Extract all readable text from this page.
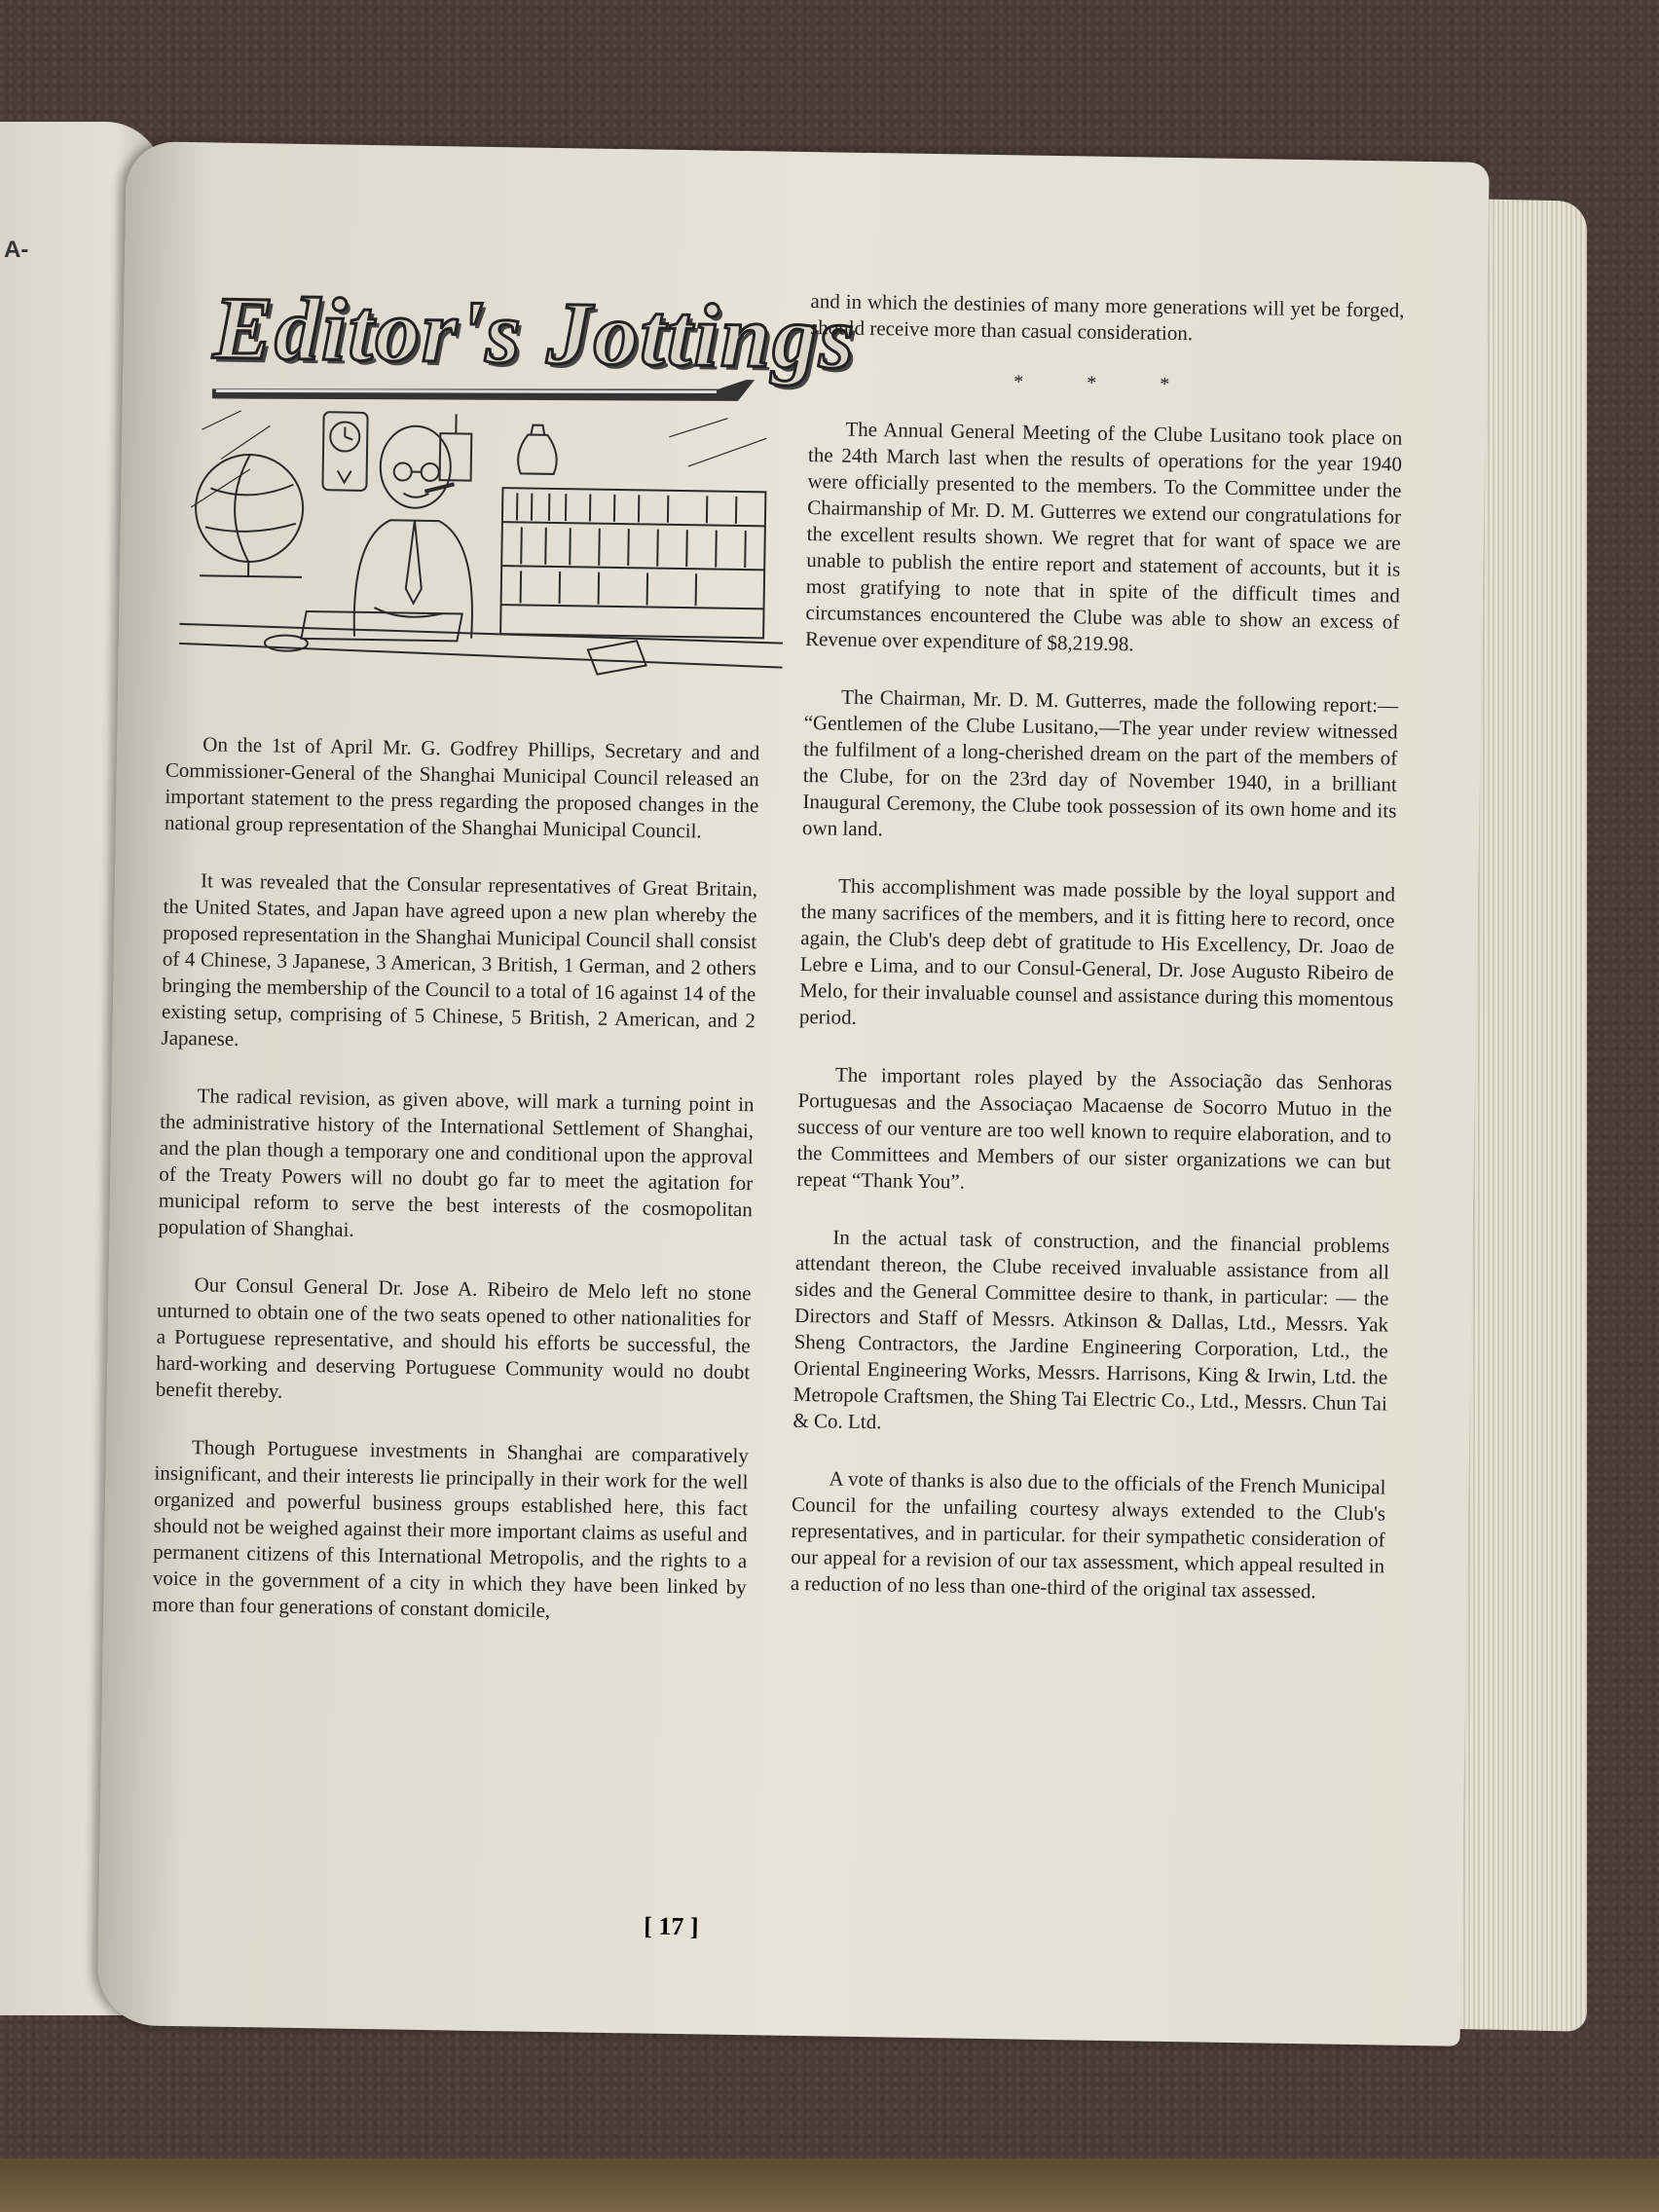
A-
Editor's Jottings

On the 1st of April Mr. G. Godfrey Phillips, Secretary and and Commissioner-General of the Shanghai Municipal Council released an important statement to the press regarding the proposed changes in the national group representation of the Shanghai Municipal Council.

It was revealed that the Consular representatives of Great Britain, the United States, and Japan have agreed upon a new plan whereby the proposed representation in the Shanghai Municipal Council shall consist of 4 Chinese, 3 Japanese, 3 American, 3 British, 1 German, and 2 others bringing the membership of the Council to a total of 16 against 14 of the existing setup, comprising of 5 Chinese, 5 British, 2 American, and 2 Japanese.

The radical revision, as given above, will mark a turning point in the administrative history of the International Settlement of Shanghai, and the plan though a temporary one and conditional upon the approval of the Treaty Powers will no doubt go far to meet the agitation for municipal reform to serve the best interests of the cosmopolitan population of Shanghai.

Our Consul General Dr. Jose A. Ribeiro de Melo left no stone unturned to obtain one of the two seats opened to other nationalities for a Portuguese representative, and should his efforts be successful, the hard-working and deserving Portuguese Community would no doubt benefit thereby.

Though Portuguese investments in Shanghai are comparatively insignificant, and their interests lie principally in their work for the well organized and powerful business groups established here, this fact should not be weighed against their more important claims as useful and permanent citizens of this International Metropolis, and the rights to a voice in the government of a city in which they have been linked by more than four generations of constant domicile,

and in which the destinies of many more generations will yet be forged, should receive more than casual consideration.

* * *

The Annual General Meeting of the Clube Lusitano took place on the 24th March last when the results of operations for the year 1940 were officially presented to the members. To the Committee under the Chairmanship of Mr. D. M. Gutterres we extend our congratulations for the excellent results shown. We regret that for want of space we are unable to publish the entire report and statement of accounts, but it is most gratifying to note that in spite of the difficult times and circumstances encountered the Clube was able to show an excess of Revenue over expenditure of $8,219.98.

The Chairman, Mr. D. M. Gutterres, made the following report:— “Gentlemen of the Clube Lusitano,—The year under review witnessed the fulfilment of a long-cherished dream on the part of the members of the Clube, for on the 23rd day of November 1940, in a brilliant Inaugural Ceremony, the Clube took possession of its own home and its own land.

This accomplishment was made possible by the loyal support and the many sacrifices of the members, and it is fitting here to record, once again, the Club's deep debt of gratitude to His Excellency, Dr. Joao de Lebre e Lima, and to our Consul-General, Dr. Jose Augusto Ribeiro de Melo, for their invaluable counsel and assistance during this momentous period.

The important roles played by the Associação das Senhoras Portuguesas and the Associaçao Macaense de Socorro Mutuo in the success of our venture are too well known to require elaboration, and to the Committees and Members of our sister organizations we can but repeat “Thank You”.

In the actual task of construction, and the financial problems attendant thereon, the Clube received invaluable assistance from all sides and the General Committee desire to thank, in particular: — the Directors and Staff of Messrs. Atkinson & Dallas, Ltd., Messrs. Yak Sheng Contractors, the Jardine Engineering Corporation, Ltd., the Oriental Engineering Works, Messrs. Harrisons, King & Irwin, Ltd. the Metropole Craftsmen, the Shing Tai Electric Co., Ltd., Messrs. Chun Tai & Co. Ltd.

A vote of thanks is also due to the officials of the French Municipal Council for the unfailing courtesy always extended to the Club's representatives, and in particular. for their sympathetic consideration of our appeal for a revision of our tax assessment, which appeal resulted in a reduction of no less than one-third of the original tax assessed.

[ 17 ]
